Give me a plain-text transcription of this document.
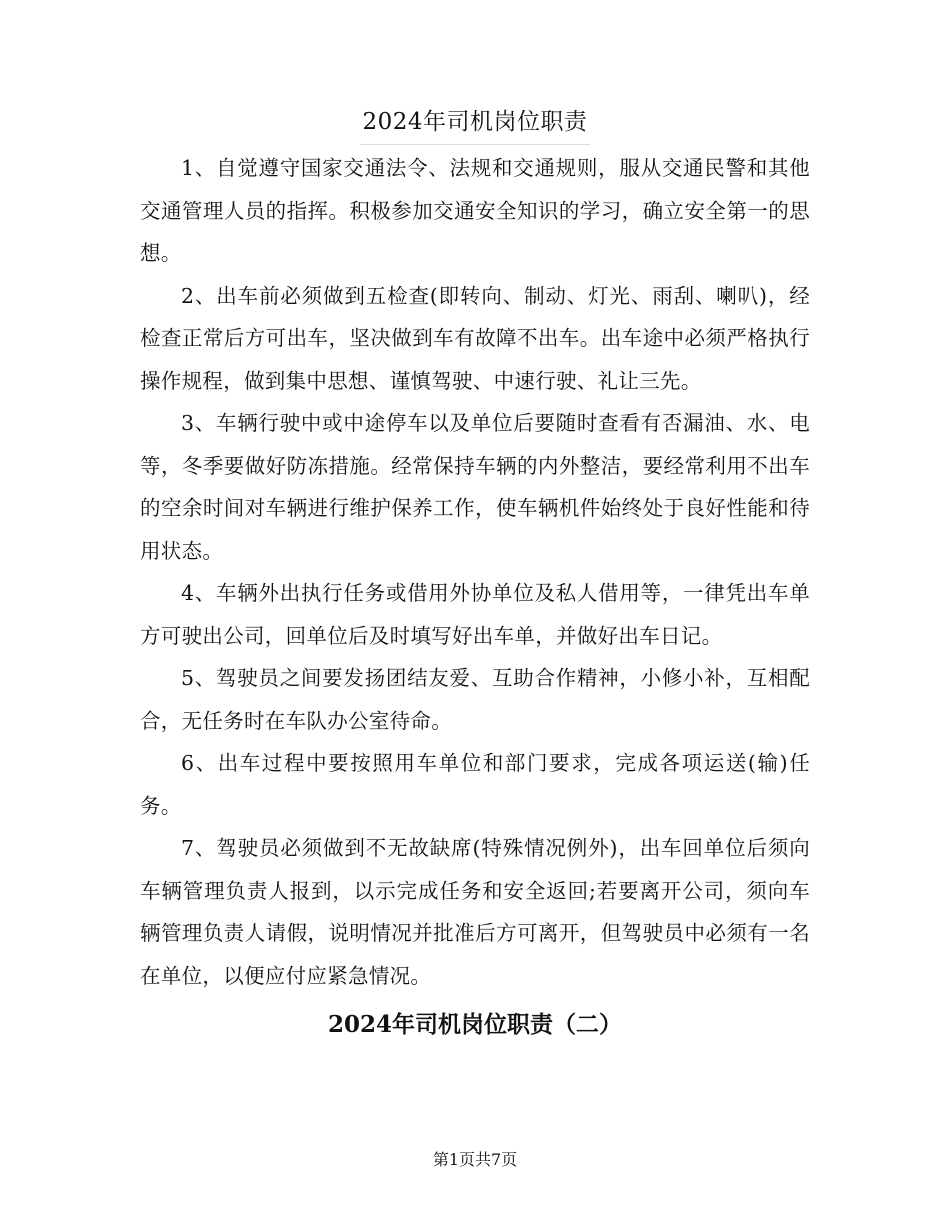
2024年司机岗位职责

1、自觉遵守国家交通法令、法规和交通规则，服从交通民警和其他交通管理人员的指挥。积极参加交通安全知识的学习，确立安全第一的思想。

2、出车前必须做到五检查(即转向、制动、灯光、雨刮、喇叭)，经检查正常后方可出车，坚决做到车有故障不出车。出车途中必须严格执行操作规程，做到集中思想、谨慎驾驶、中速行驶、礼让三先。

3、车辆行驶中或中途停车以及单位后要随时查看有否漏油、水、电等，冬季要做好防冻措施。经常保持车辆的内外整洁，要经常利用不出车的空余时间对车辆进行维护保养工作，使车辆机件始终处于良好性能和待用状态。

4、车辆外出执行任务或借用外协单位及私人借用等，一律凭出车单方可驶出公司，回单位后及时填写好出车单，并做好出车日记。

5、驾驶员之间要发扬团结友爱、互助合作精神，小修小补，互相配合，无任务时在车队办公室待命。

6、出车过程中要按照用车单位和部门要求，完成各项运送(输)任务。

7、驾驶员必须做到不无故缺席(特殊情况例外)，出车回单位后须向车辆管理负责人报到，以示完成任务和安全返回;若要离开公司，须向车辆管理负责人请假，说明情况并批准后方可离开，但驾驶员中必须有一名在单位，以便应付应紧急情况。

2024年司机岗位职责（二）
第1页共7页
